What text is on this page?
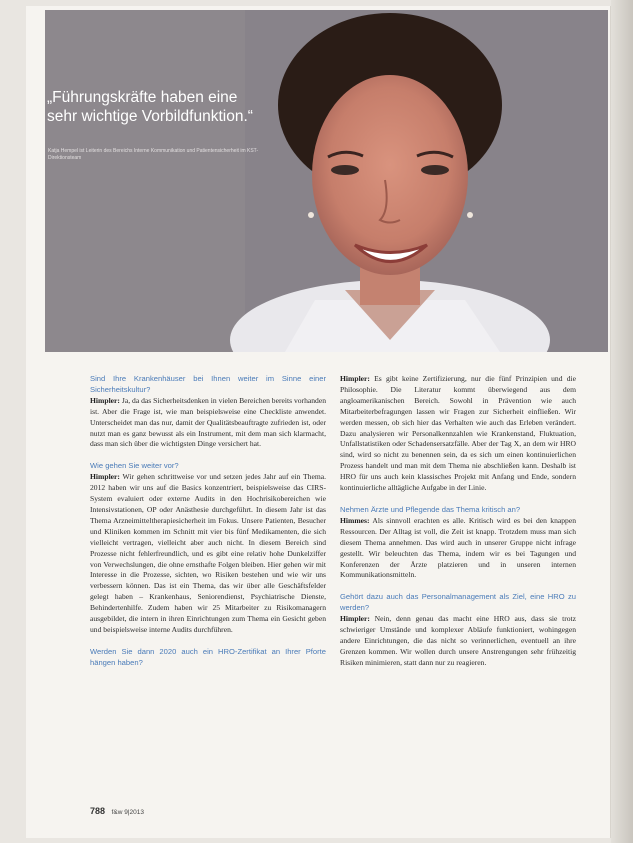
„Führungskräfte haben eine sehr wichtige Vorbildfunktion.“

Katja Hempel ist Leiterin des Bereichs Interne Kommunikation und Patientensicherheit im KST-Direktionsteam

Sind Ihre Krankenhäuser bei Ihnen weiter im Sinne einer Sicherheitskultur?

Himpler: Ja, da das Sicherheitsdenken in vielen Bereichen bereits vorhanden ist. Aber die Frage ist, wie man beispielsweise eine Checkliste anwendet. Unterscheidet man das nur, damit der Qualitätsbeauftragte zufrieden ist, oder nutzt man es ganz bewusst als ein Instrument, mit dem man sich klarmacht, dass man sich über die wichtigsten Dinge versichert hat.

Wie gehen Sie weiter vor?

Himpler: Wir gehen schrittweise vor und setzen jedes Jahr auf ein Thema. 2012 haben wir uns auf die Basics konzentriert, beispielsweise das CIRS-System evaluiert oder externe Audits in den Hochrisikobereichen wie Intensivstationen, OP oder Anästhesie durchgeführt. In diesem Jahr ist das Thema Arzneimitteltherapiesicherheit im Fokus. Unsere Patienten, Besucher und Kliniken kommen im Schnitt mit vier bis fünf Medikamenten, die sich vielleicht vertragen, vielleicht aber auch nicht. In diesem Bereich sind Prozesse nicht fehlerfreundlich, und es gibt eine relativ hohe Dunkelziffer von Verwechslungen, die ohne ernsthafte Folgen bleiben. Hier gehen wir mit Interesse in die Prozesse, sichten, wo Risiken bestehen und wie wir uns verbessern können. Das ist ein Thema, das wir über alle Geschäftsfelder gelegt haben – Krankenhaus, Seniorendienst, Psychiatrische Dienste, Behindertenhilfe. Zudem haben wir 25 Mitarbeiter zu Risikomanagern ausgebildet, die intern in ihren Einrichtungen zum Thema ein Gesicht geben und beispielsweise interne Audits durchführen.

Werden Sie dann 2020 auch ein HRO-Zertifikat an Ihrer Pforte hängen haben?

Himpler: Es gibt keine Zertifizierung, nur die fünf Prinzipien und die Philosophie. Die Literatur kommt überwiegend aus dem angloamerikanischen Bereich. Sowohl in Prävention wie auch Mitarbeiterbefragungen lassen wir Fragen zur Sicherheit einfließen. Wir werden messen, ob sich hier das Verhalten wie auch das Erleben verändert. Dazu analysieren wir Personalkennzahlen wie Krankenstand, Fluktuation, Unfallstatistiken oder Schadensersatzfälle. Aber der Tag X, an dem wir HRO sind, wird so nicht zu benennen sein, da es sich um einen kontinuierlichen Prozess handelt und man mit dem Thema nie abschließen kann. Deshalb ist HRO für uns auch kein klassisches Projekt mit Anfang und Ende, sondern kontinuierliche alltägliche Aufgabe in der Linie.

Nehmen Ärzte und Pflegende das Thema kritisch an?

Himmes: Als sinnvoll erachten es alle. Kritisch wird es bei den knappen Ressourcen. Der Alltag ist voll, die Zeit ist knapp. Trotzdem muss man sich diesem Thema annehmen. Das wird auch in unserer Gruppe nicht infrage gestellt. Wir beleuchten das Thema, indem wir es bei Tagungen und Konferenzen der Ärzte platzieren und in unseren internen Kommunikationsmitteln.

Gehört dazu auch das Personalmanagement als Ziel, eine HRO zu werden?

Himpler: Nein, denn genau das macht eine HRO aus, dass sie trotz schwieriger Umstände und komplexer Abläufe funktioniert, wohingegen andere Einrichtungen, die das nicht so verinnerlichen, eventuell an ihre Grenzen kommen. Wir wollen durch unsere Anstrengungen sehr frühzeitig Risiken minimieren, statt dann nur zu reagieren.

788 f&w 9|2013
